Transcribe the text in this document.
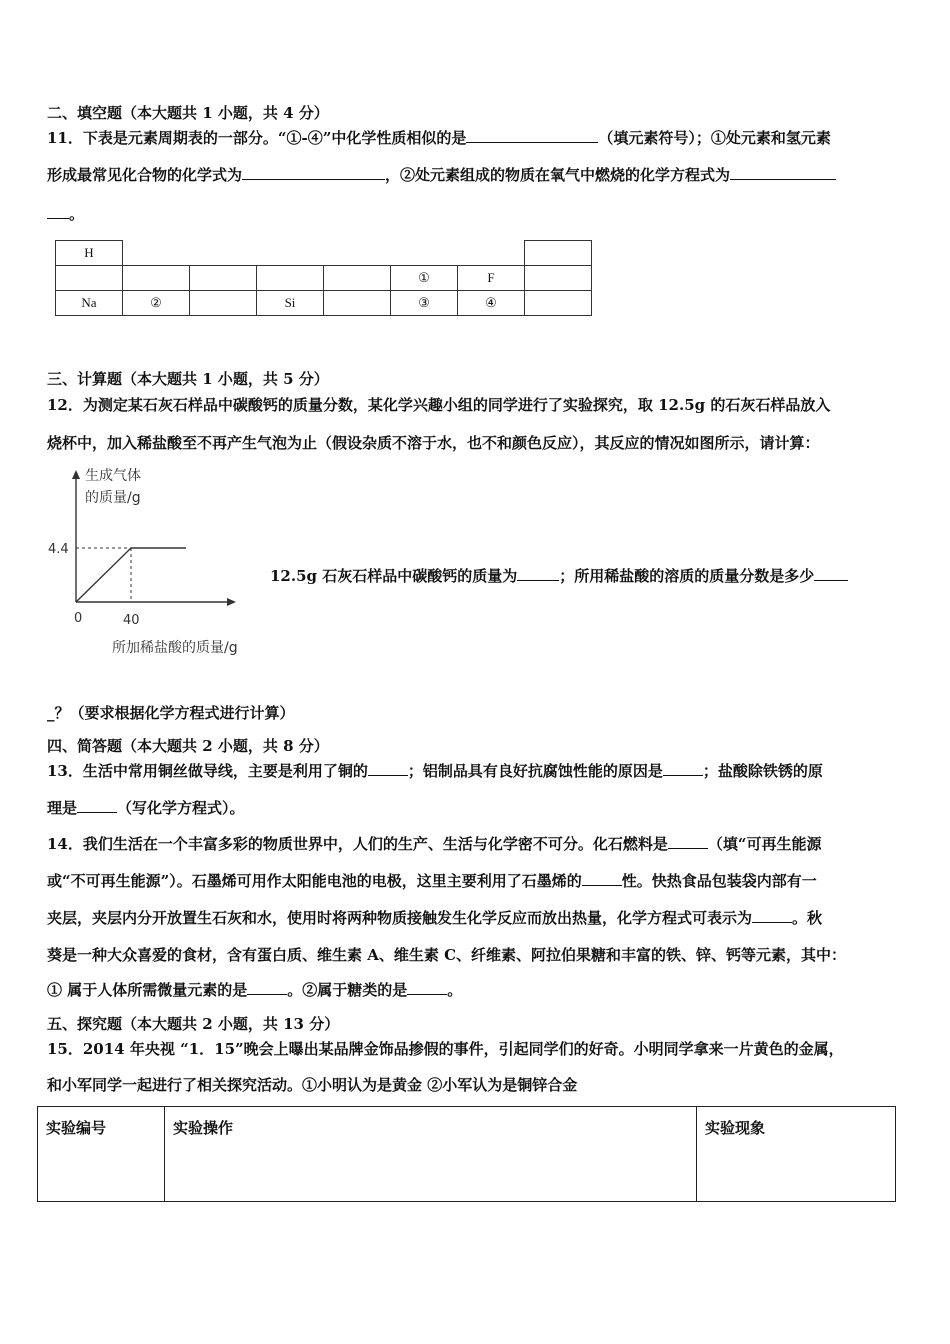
二、填空题（本大题共 1 小题，共 4 分）
11．下表是元素周期表的一部分。“①-④”中化学性质相似的是	（填元素符号）；①处元素和氢元素
形成最常见化合物的化学式为	，②处元素组成的物质在氧气中燃烧的化学方程式为
。
H							
					①	F	
Na	②		Si		③	④	
三、计算题（本大题共 1 小题，共 5 分）
12．为测定某石灰石样品中碳酸钙的质量分数，某化学兴趣小组的同学进行了实验探究，取 12.5g 的石灰石样品放入
烧杯中，加入稀盐酸至不再产生气泡为止（假设杂质不溶于水，也不和颜色反应），其反应的情况如图所示，请计算：
生成气体
的质量/g
4.4
40
0
所加稀盐酸的质量/g
12.5g 石灰石样品中碳酸钙的质量为	；所用稀盐酸的溶质的质量分数是多少
_？（要求根据化学方程式进行计算）
四、简答题（本大题共 2 小题，共 8 分）
13．生活中常用铜丝做导线，主要是利用了铜的	；铝制品具有良好抗腐蚀性能的原因是	；盐酸除铁锈的原
理是	（写化学方程式）。
14．我们生活在一个丰富多彩的物质世界中，人们的生产、生活与化学密不可分。化石燃料是	（填“可再生能源
或“不可再生能源”）。石墨烯可用作太阳能电池的电极，这里主要利用了石墨烯的	性。快热食品包装袋内部有一
夹层，夹层内分开放置生石灰和水，使用时将两种物质接触发生化学反应而放出热量，化学方程式可表示为	。秋
葵是一种大众喜爱的食材，含有蛋白质、维生素 A、维生素 C、纤维素、阿拉伯果糖和丰富的铁、锌、钙等元素，其中：
① 属于人体所需微量元素的是	。②属于糖类的是	。
五、探究题（本大题共 2 小题，共 13 分）
15．2014 年央视 “1．15”晚会上曝出某品牌金饰品掺假的事件，引起同学们的好奇。小明同学拿来一片黄色的金属，
和小军同学一起进行了相关探究活动。①小明认为是黄金 ②小军认为是铜锌合金
实验编号	实验操作	实验现象
